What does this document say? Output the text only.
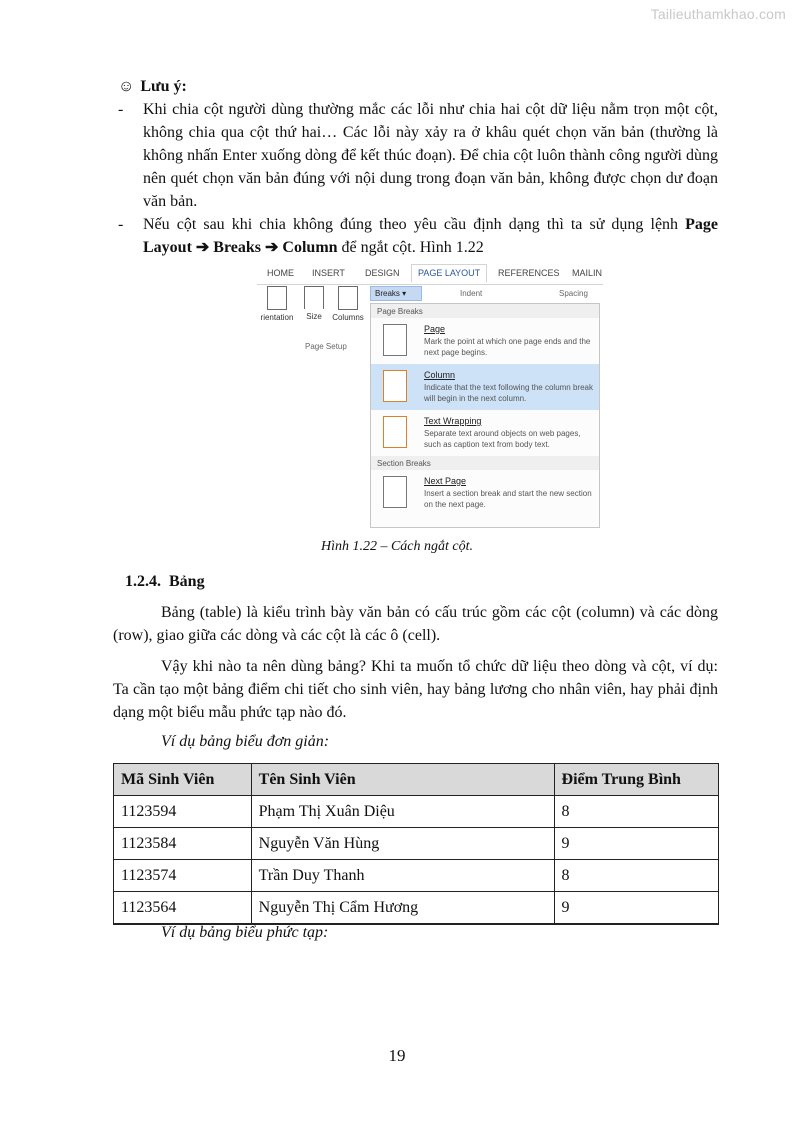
Tailieuthamkhao.com
☺ Lưu ý:
- Khi chia cột người dùng thường mắc các lỗi như chia hai cột dữ liệu nằm trọn một cột, không chia qua cột thứ hai… Các lỗi này xảy ra ở khâu quét chọn văn bản (thường là không nhấn Enter xuống dòng để kết thúc đoạn). Để chia cột luôn thành công người dùng nên quét chọn văn bản đúng với nội dung trong đoạn văn bản, không được chọn dư đoạn văn bản.
- Nếu cột sau khi chia không đúng theo yêu cầu định dạng thì ta sử dụng lệnh Page Layout ➔ Breaks ➔ Column để ngắt cột. Hình 1.22
HOME INSERT DESIGN	PAGE LAYOUT	REFERENCES MAILIN
rientation	Size	Columns
Page Setup
Breaks ▾	Indent	Spacing
Page Breaks
Page
Mark the point at which one page ends and the next page begins.
Column
Indicate that the text following the column break will begin in the next column.
Text Wrapping
Separate text around objects on web pages, such as caption text from body text.
Section Breaks
Next Page
Insert a section break and start the new section on the next page.
Hình 1.22 – Cách ngắt cột.
1.2.4. Bảng
Bảng (table) là kiểu trình bày văn bản có cấu trúc gồm các cột (column) và các dòng (row), giao giữa các dòng và các cột là các ô (cell).
Vậy khi nào ta nên dùng bảng? Khi ta muốn tổ chức dữ liệu theo dòng và cột, ví dụ: Ta cần tạo một bảng điểm chi tiết cho sinh viên, hay bảng lương cho nhân viên, hay phải định dạng một biểu mẫu phức tạp nào đó.
Ví dụ bảng biểu đơn giản:
Mã Sinh Viên	Tên Sinh Viên	Điểm Trung Bình
1123594	Phạm Thị Xuân Diệu	8
1123584	Nguyễn Văn Hùng	9
1123574	Trần Duy Thanh	8
1123564	Nguyễn Thị Cẩm Hương	9
Ví dụ bảng biểu phức tạp:
19
